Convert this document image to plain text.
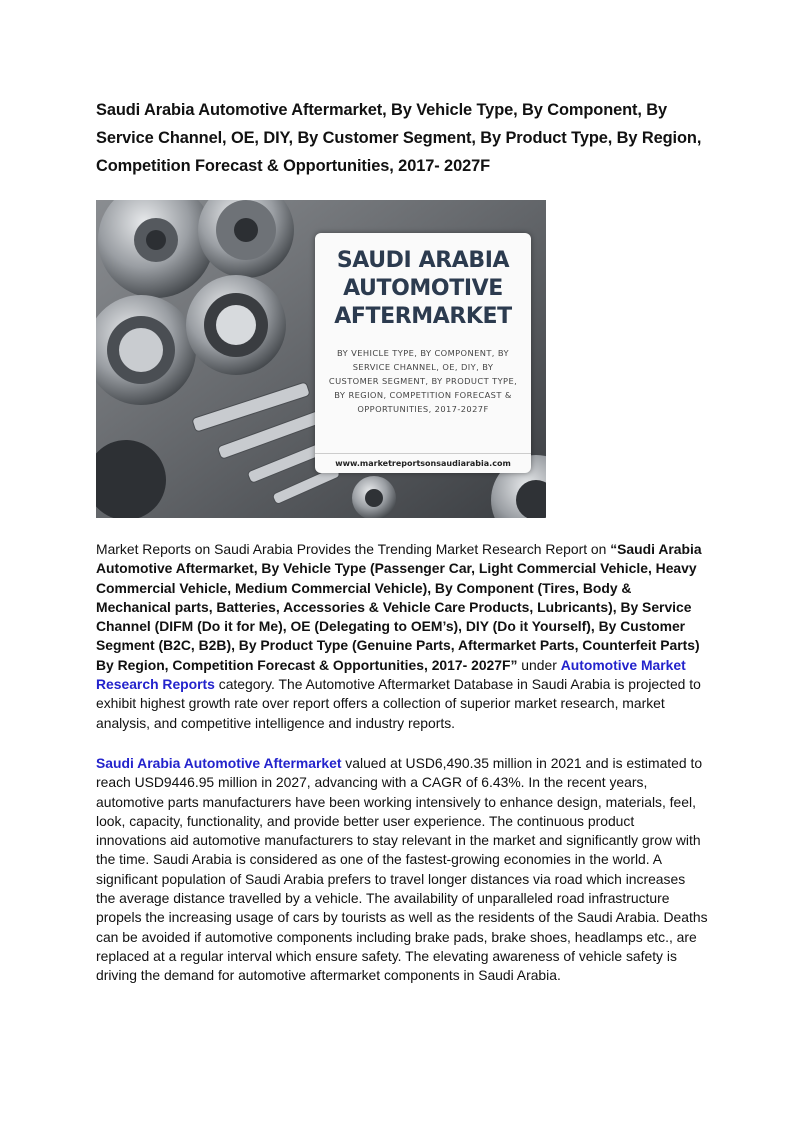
Saudi Arabia Automotive Aftermarket, By Vehicle Type, By Component, By Service Channel, OE, DIY, By Customer Segment, By Product Type, By Region, Competition Forecast & Opportunities, 2017- 2027F
SAUDI ARABIA
AUTOMOTIVE
AFTERMARKET
BY VEHICLE TYPE, BY COMPONENT, BY SERVICE CHANNEL, OE, DIY, BY CUSTOMER SEGMENT, BY PRODUCT TYPE, BY REGION, COMPETITION FORECAST & OPPORTUNITIES, 2017-2027F
www.marketreportsonsaudiarabia.com

Market Reports on Saudi Arabia Provides the Trending Market Research Report on “Saudi Arabia Automotive Aftermarket, By Vehicle Type (Passenger Car, Light Commercial Vehicle, Heavy Commercial Vehicle, Medium Commercial Vehicle), By Component (Tires, Body & Mechanical parts, Batteries, Accessories & Vehicle Care Products, Lubricants), By Service Channel (DIFM (Do it for Me), OE (Delegating to OEM’s), DIY (Do it Yourself), By Customer Segment (B2C, B2B), By Product Type (Genuine Parts, Aftermarket Parts, Counterfeit Parts) By Region, Competition Forecast & Opportunities, 2017- 2027F” under Automotive Market Research Reports category. The Automotive Aftermarket Database in Saudi Arabia is projected to exhibit highest growth rate over report offers a collection of superior market research, market analysis, and competitive intelligence and industry reports.

Saudi Arabia Automotive Aftermarket valued at USD6,490.35 million in 2021 and is estimated to reach USD9446.95 million in 2027, advancing with a CAGR of 6.43%. In the recent years, automotive parts manufacturers have been working intensively to enhance design, materials, feel, look, capacity, functionality, and provide better user experience. The continuous product innovations aid automotive manufacturers to stay relevant in the market and significantly grow with the time. Saudi Arabia is considered as one of the fastest-growing economies in the world. A significant population of Saudi Arabia prefers to travel longer distances via road which increases the average distance travelled by a vehicle. The availability of unparalleled road infrastructure propels the increasing usage of cars by tourists as well as the residents of the Saudi Arabia. Deaths can be avoided if automotive components including brake pads, brake shoes, headlamps etc., are replaced at a regular interval which ensure safety. The elevating awareness of vehicle safety is driving the demand for automotive aftermarket components in Saudi Arabia.
